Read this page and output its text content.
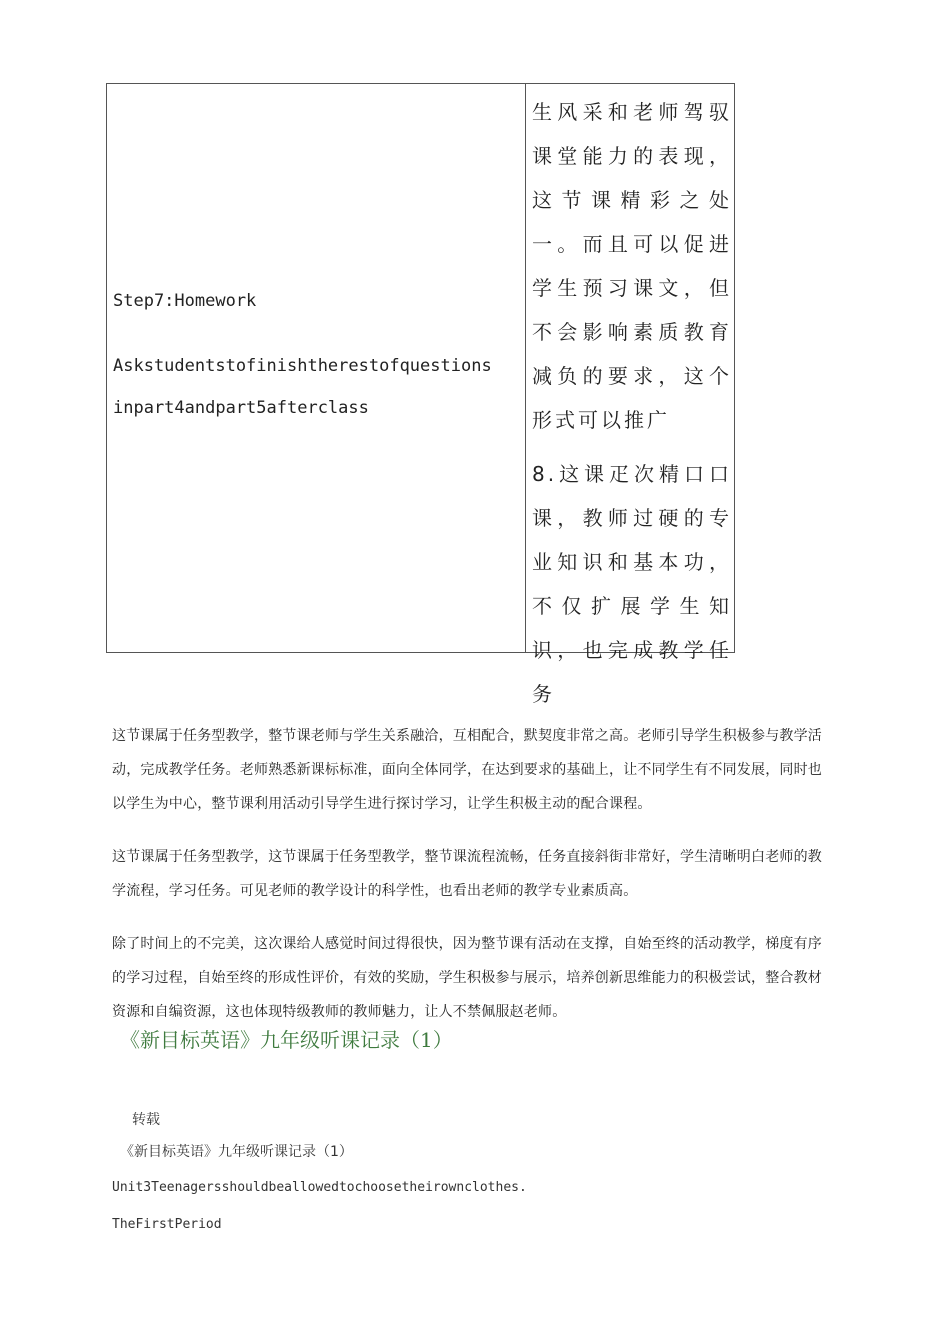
Step7:Homework
Askstudentstofinishtherestofquestions
inpart4andpart5afterclass
生风采和老师驾驭课堂能力的表现，这节课精彩之处一。而且可以促进学生预习课文，但不会影响素质教育减负的要求，这个形式可以推广
8.这课疋次精口口课，教师过硬的专业知识和基本功，不仅扩展学生知识，也完成教学任务
这节课属于任务型教学，整节课老师与学生关系融洽，互相配合，默契度非常之高。老师引导学生积极参与教学活动，完成教学任务。老师熟悉新课标标准，面向全体同学，在达到要求的基础上，让不同学生有不同发展，同时也以学生为中心，整节课利用活动引导学生进行探讨学习，让学生积极主动的配合课程。
这节课属于任务型教学，这节课属于任务型教学，整节课流程流畅，任务直接斜街非常好，学生清晰明白老师的教学流程，学习任务。可见老师的教学设计的科学性，也看出老师的教学专业素质高。
除了时间上的不完美，这次课给人感觉时间过得很快，因为整节课有活动在支撑，自始至终的活动教学，梯度有序的学习过程，自始至终的形成性评价，有效的奖励，学生积极参与展示，培养创新思维能力的积极尝试，整合教材资源和自编资源，这也体现特级教师的教师魅力，让人不禁佩服赵老师。
《新目标英语》九年级听课记录（1）
转载
《新目标英语》九年级听课记录（1）
Unit3Teenagersshouldbeallowedtochoosetheirownclothes.
TheFirstPeriod
